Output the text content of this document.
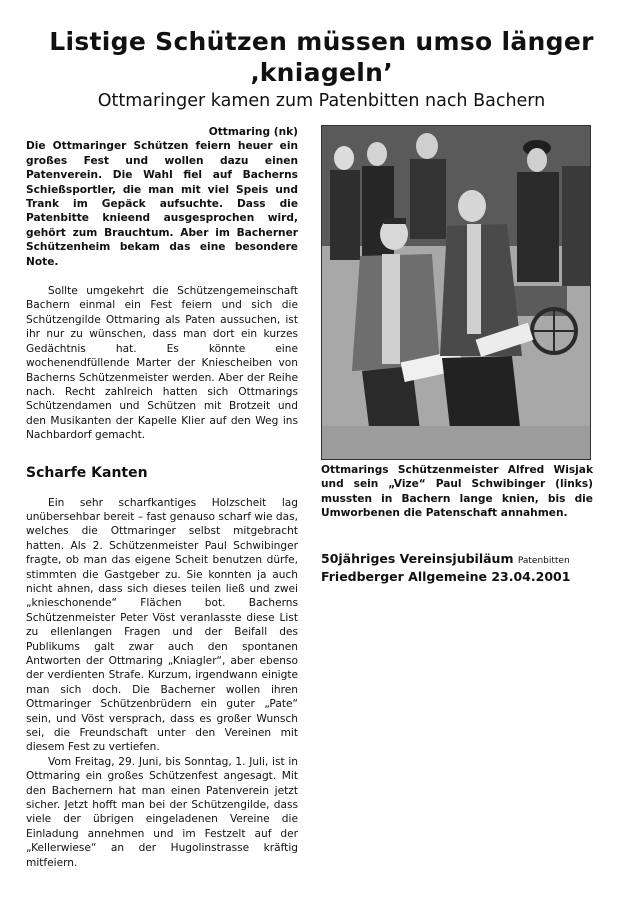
Listige Schützen müssen umso länger
‚kniageln’
Ottmaringer kamen zum Patenbitten nach Bachern
Ottmaring (nk)

Die Ottmaringer Schützen feiern heuer ein großes Fest und wollen dazu einen Patenverein. Die Wahl fiel auf Bacherns Schießsportler, die man mit viel Speis und Trank im Gepäck aufsuchte. Dass die Patenbitte knieend ausgesprochen wird, gehört zum Brauchtum. Aber im Bacherner Schützenheim bekam das eine besondere Note.

Sollte umgekehrt die Schützengemeinschaft Bachern einmal ein Fest feiern und sich die Schützengilde Ottmaring als Paten aussuchen, ist ihr nur zu wünschen, dass man dort ein kurzes Gedächtnis hat. Es könnte eine wochenendfüllende Marter der Kniescheiben von Bacherns Schützenmeister werden. Aber der Reihe nach. Recht zahlreich hatten sich Ottmarings Schützendamen und Schützen mit Brotzeit und den Musikanten der Kapelle Klier auf den Weg ins Nachbardorf gemacht.

Scharfe Kanten

Ein sehr scharfkantiges Holzscheit lag unübersehbar bereit – fast genauso scharf wie das, welches die Ottmaringer selbst mitgebracht hatten. Als 2. Schützenmeister Paul Schwibinger fragte, ob man das eigene Scheit benutzen dürfe, stimmten die Gastgeber zu. Sie konnten ja auch nicht ahnen, dass sich dieses teilen ließ und zwei „knieschonende“ Flächen bot. Bacherns Schützenmeister Peter Vöst veranlasste diese List zu ellenlangen Fragen und der Beifall des Publikums galt zwar auch den spontanen Antworten der Ottmaring „Kniagler“, aber ebenso der verdienten Strafe. Kurzum, irgendwann einigte man sich doch. Die Bacherner wollen ihren Ottmaringer Schützenbrüdern ein guter „Pate“ sein, und Vöst versprach, dass es großer Wunsch sei, die Freundschaft unter den Vereinen mit diesem Fest zu vertiefen.

Vom Freitag, 29. Juni, bis Sonntag, 1. Juli, ist in Ottmaring ein großes Schützenfest angesagt. Mit den Bachernern hat man einen Patenverein jetzt sicher. Jetzt hofft man bei der Schützengilde, dass viele der übrigen eingeladenen Vereine die Einladung annehmen und im Festzelt auf der „Kellerwiese“ an der Hugolinstrasse kräftig mitfeiern.

Ottmarings Schützenmeister Alfred Wisjak und sein „Vize“ Paul Schwibinger (links) mussten in Bachern lange knien, bis die Umworbenen die Patenschaft annahmen.

50jähriges Vereinsjubiläum Patenbitten
Friedberger Allgemeine 23.04.2001
